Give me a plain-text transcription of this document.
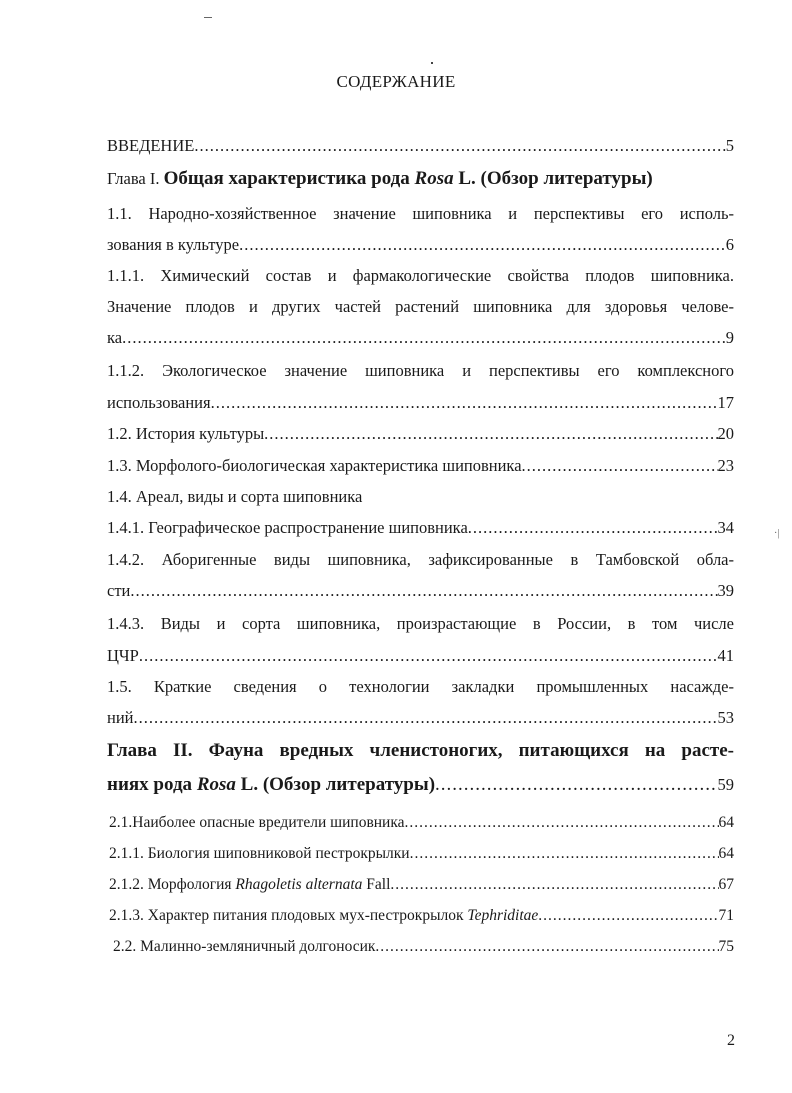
·|
СОДЕРЖАНИЕ
ВВЕДЕНИЕ .....	5
Глава I. Общая характеристика рода Rosa L. (Обзор литературы)
1.1. Народно-хозяйственное значение шиповника и перспективы его исполь-
зования в культуре .....	6
1.1.1. Химический состав и фармакологические свойства плодов шиповника.
Значение плодов и других частей растений шиповника для здоровья челове-
ка .....	9
1.1.2. Экологическое значение шиповника и перспективы его комплексного
использования .....	17
1.2. История культуры .....	20
1.3. Морфолого-биологическая характеристика шиповника .....	23
1.4. Ареал, виды и сорта шиповника
1.4.1. Географическое распространение шиповника .....	34
1.4.2. Аборигенные виды шиповника, зафиксированные в Тамбовской обла-
сти .....	39
1.4.3. Виды и сорта шиповника, произрастающие в России, в том числе
ЦЧР .....	41
1.5. Краткие сведения о технологии закладки промышленных насажде-
ний .....	53
Глава II. Фауна вредных членистоногих, питающихся на расте-
ниях рода Rosa L. (Обзор литературы) .....	59
2.1.Наиболее опасные вредители шиповника .....	64
2.1.1. Биология шиповниковой пестрокрылки .....	64
2.1.2. Морфология Rhagoletis alternata Fall .....	67
2.1.3. Характер питания плодовых мух-пестрокрылок Tephriditae .....	71
2.2. Малинно-земляничный долгоносик .....	75
2
